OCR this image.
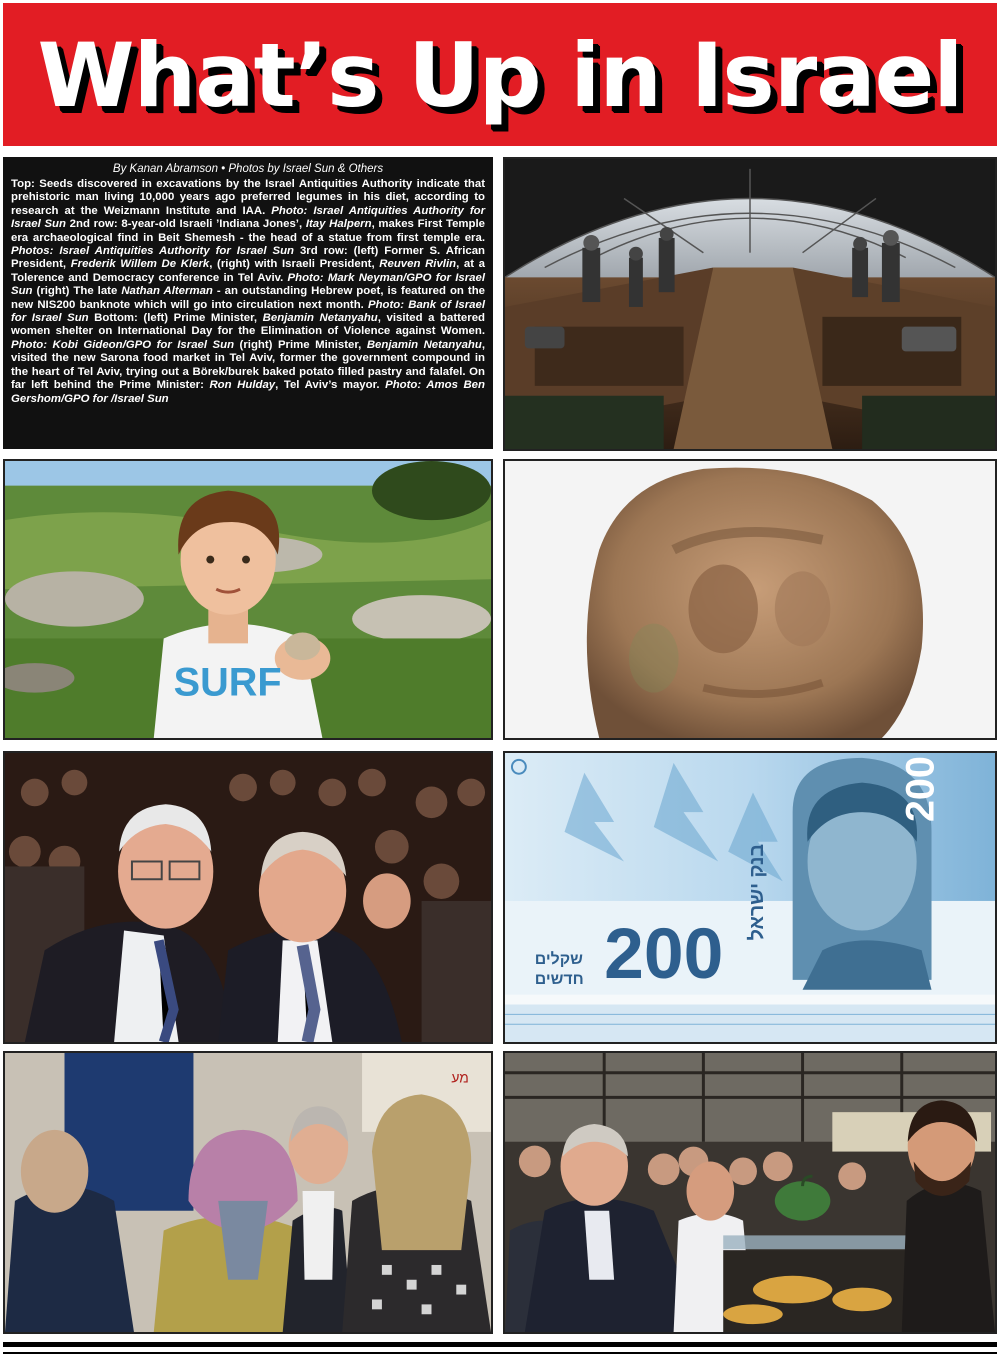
What’s Up in Israel

By Kanan Abramson • Photos by Israel Sun & Others

Top: Seeds discovered in excavations by the Israel Antiquities Authority indicate that prehistoric man living 10,000 years ago preferred legumes in his diet, according to research at the Weizmann Institute and IAA. Photo: Israel Antiquities Authority for Israel Sun 2nd row: 8-year-old Israeli ’Indiana Jones’, Itay Halpern, makes First Temple era archaeological find in Beit Shemesh - the head of a statue from first temple era. Photos: Israel Antiquities Authority for Israel Sun 3rd row: (left) Former S. African President, Frederik Willem De Klerk, (right) with Israeli President, Reuven Rivlin, at a Tolerence and Democracy conference in Tel Aviv. Photo: Mark Neyman/GPO for Israel Sun (right) The late Nathan Alterman - an outstanding Hebrew poet, is featured on the new NIS200 banknote which will go into circulation next month. Photo: Bank of Israel for Israel Sun Bottom: (left) Prime Minister, Benjamin Netanyahu, visited a battered women shelter on International Day for the Elimination of Violence against Women. Photo: Kobi Gideon/GPO for Israel Sun (right) Prime Minister, Benjamin Netanyahu, visited the new Sarona food market in Tel Aviv, former the government compound in the heart of Tel Aviv, trying out a Börek/burek baked potato filled pastry and falafel. On far left behind the Prime Minister: Ron Hulday, Tel Aviv’s mayor. Photo: Amos Ben Gershom/GPO for /Israel Sun

SURF
200
200
בנק ישראל
שקלים
חדשים
מע
